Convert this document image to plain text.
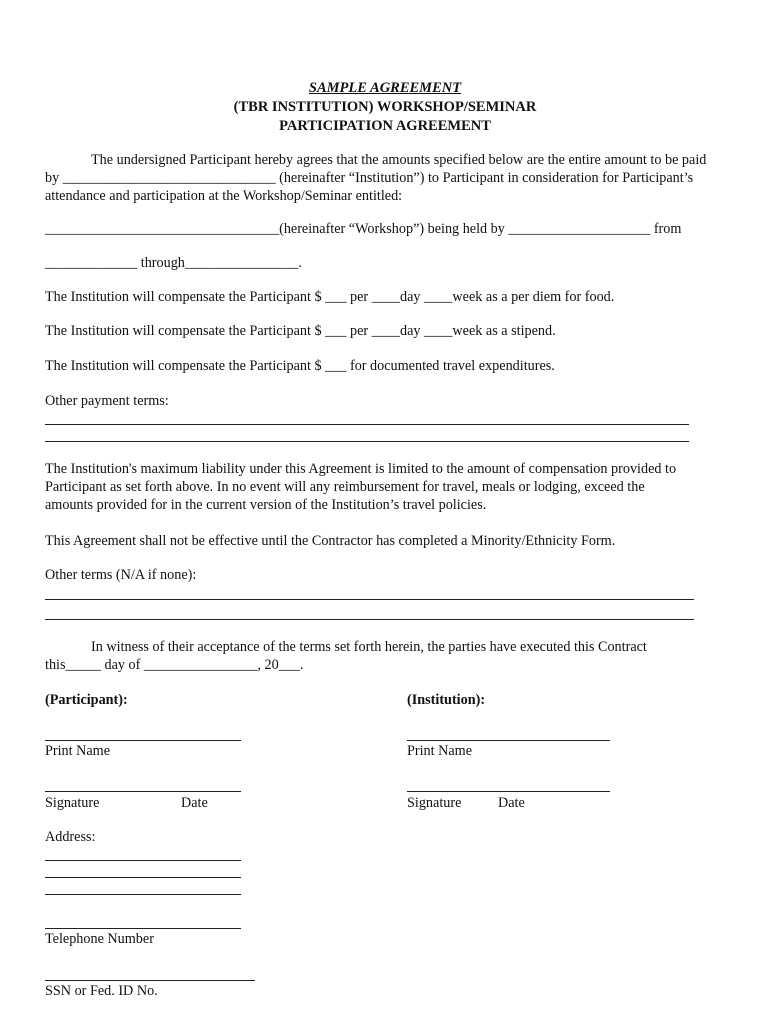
SAMPLE AGREEMENT
(TBR INSTITUTION) WORKSHOP/SEMINAR
PARTICIPATION AGREEMENT
The undersigned Participant hereby agrees that the amounts specified below are the entire amount to be paid
by ______________________________ (hereinafter “Institution”) to Participant in consideration for Participant’s
attendance and participation at the Workshop/Seminar entitled:
_________________________________(hereinafter “Workshop”) being held by ____________________ from
_____________ through________________.
The Institution will compensate the Participant $ ___ per ____day ____week as a per diem for food.
The Institution will compensate the Participant $ ___ per ____day ____week as a stipend.
The Institution will compensate the Participant $ ___ for documented travel expenditures.
Other payment terms:
The Institution's maximum liability under this Agreement is limited to the amount of compensation provided to
Participant as set forth above. In no event will any reimbursement for travel, meals or lodging, exceed the
amounts provided for in the current version of the Institution’s travel policies.
This Agreement shall not be effective until the Contractor has completed a Minority/Ethnicity Form.
Other terms (N/A if none):
In witness of their acceptance of the terms set forth herein, the parties have executed this Contract
this_____ day of ________________, 20___.
(Participant):
Print Name
Signature	Date
Address:
Telephone Number
SSN or Fed. ID No.
(Institution):
Print Name
Signature	Date
